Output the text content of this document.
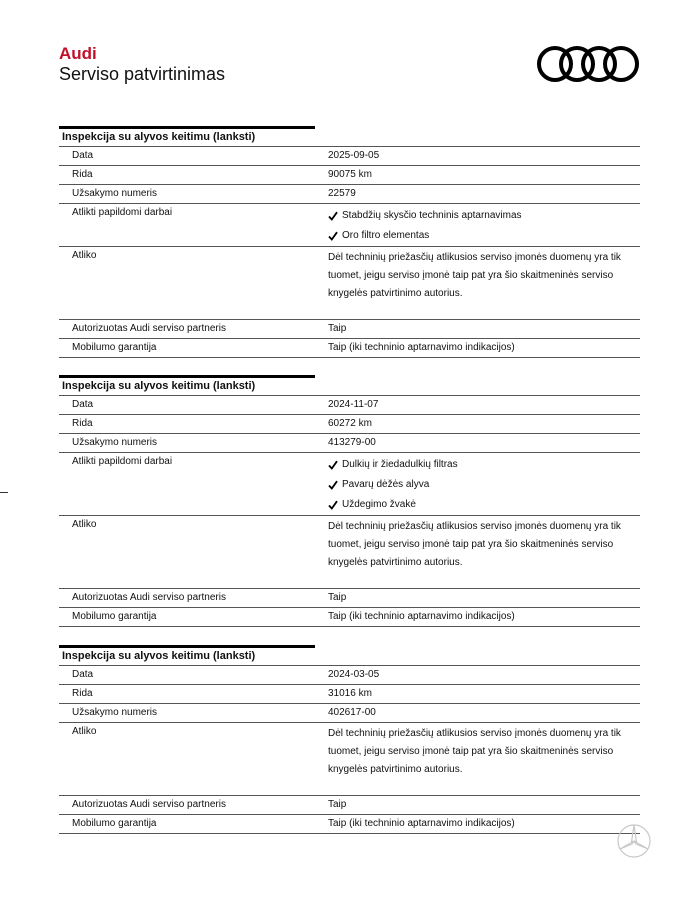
Audi
Serviso patvirtinimas
Inspekcija su alyvos keitimu (lanksti)
Data	2025-09-05
Rida	90075 km
Užsakymo numeris	22579
Atlikti papildomi darbai	Stabdžių skysčio techninis aptarnavimas
Oro filtro elementas
Atliko	Dėl techninių priežasčių atlikusios serviso įmonės duomenų yra tik tuomet, jeigu serviso įmonė taip pat yra šio skaitmeninės serviso knygelės patvirtinimo autorius.
Autorizuotas Audi serviso partneris	Taip
Mobilumo garantija	Taip (iki techninio aptarnavimo indikacijos)
Inspekcija su alyvos keitimu (lanksti)
Data	2024-11-07
Rida	60272 km
Užsakymo numeris	413279-00
Atlikti papildomi darbai	Dulkių ir žiedadulkių filtras
Pavarų dėžės alyva
Uždegimo žvakė
Atliko	Dėl techninių priežasčių atlikusios serviso įmonės duomenų yra tik tuomet, jeigu serviso įmonė taip pat yra šio skaitmeninės serviso knygelės patvirtinimo autorius.
Autorizuotas Audi serviso partneris	Taip
Mobilumo garantija	Taip (iki techninio aptarnavimo indikacijos)
Inspekcija su alyvos keitimu (lanksti)
Data	2024-03-05
Rida	31016 km
Užsakymo numeris	402617-00
Atliko	Dėl techninių priežasčių atlikusios serviso įmonės duomenų yra tik tuomet, jeigu serviso įmonė taip pat yra šio skaitmeninės serviso knygelės patvirtinimo autorius.
Autorizuotas Audi serviso partneris	Taip
Mobilumo garantija	Taip (iki techninio aptarnavimo indikacijos)
